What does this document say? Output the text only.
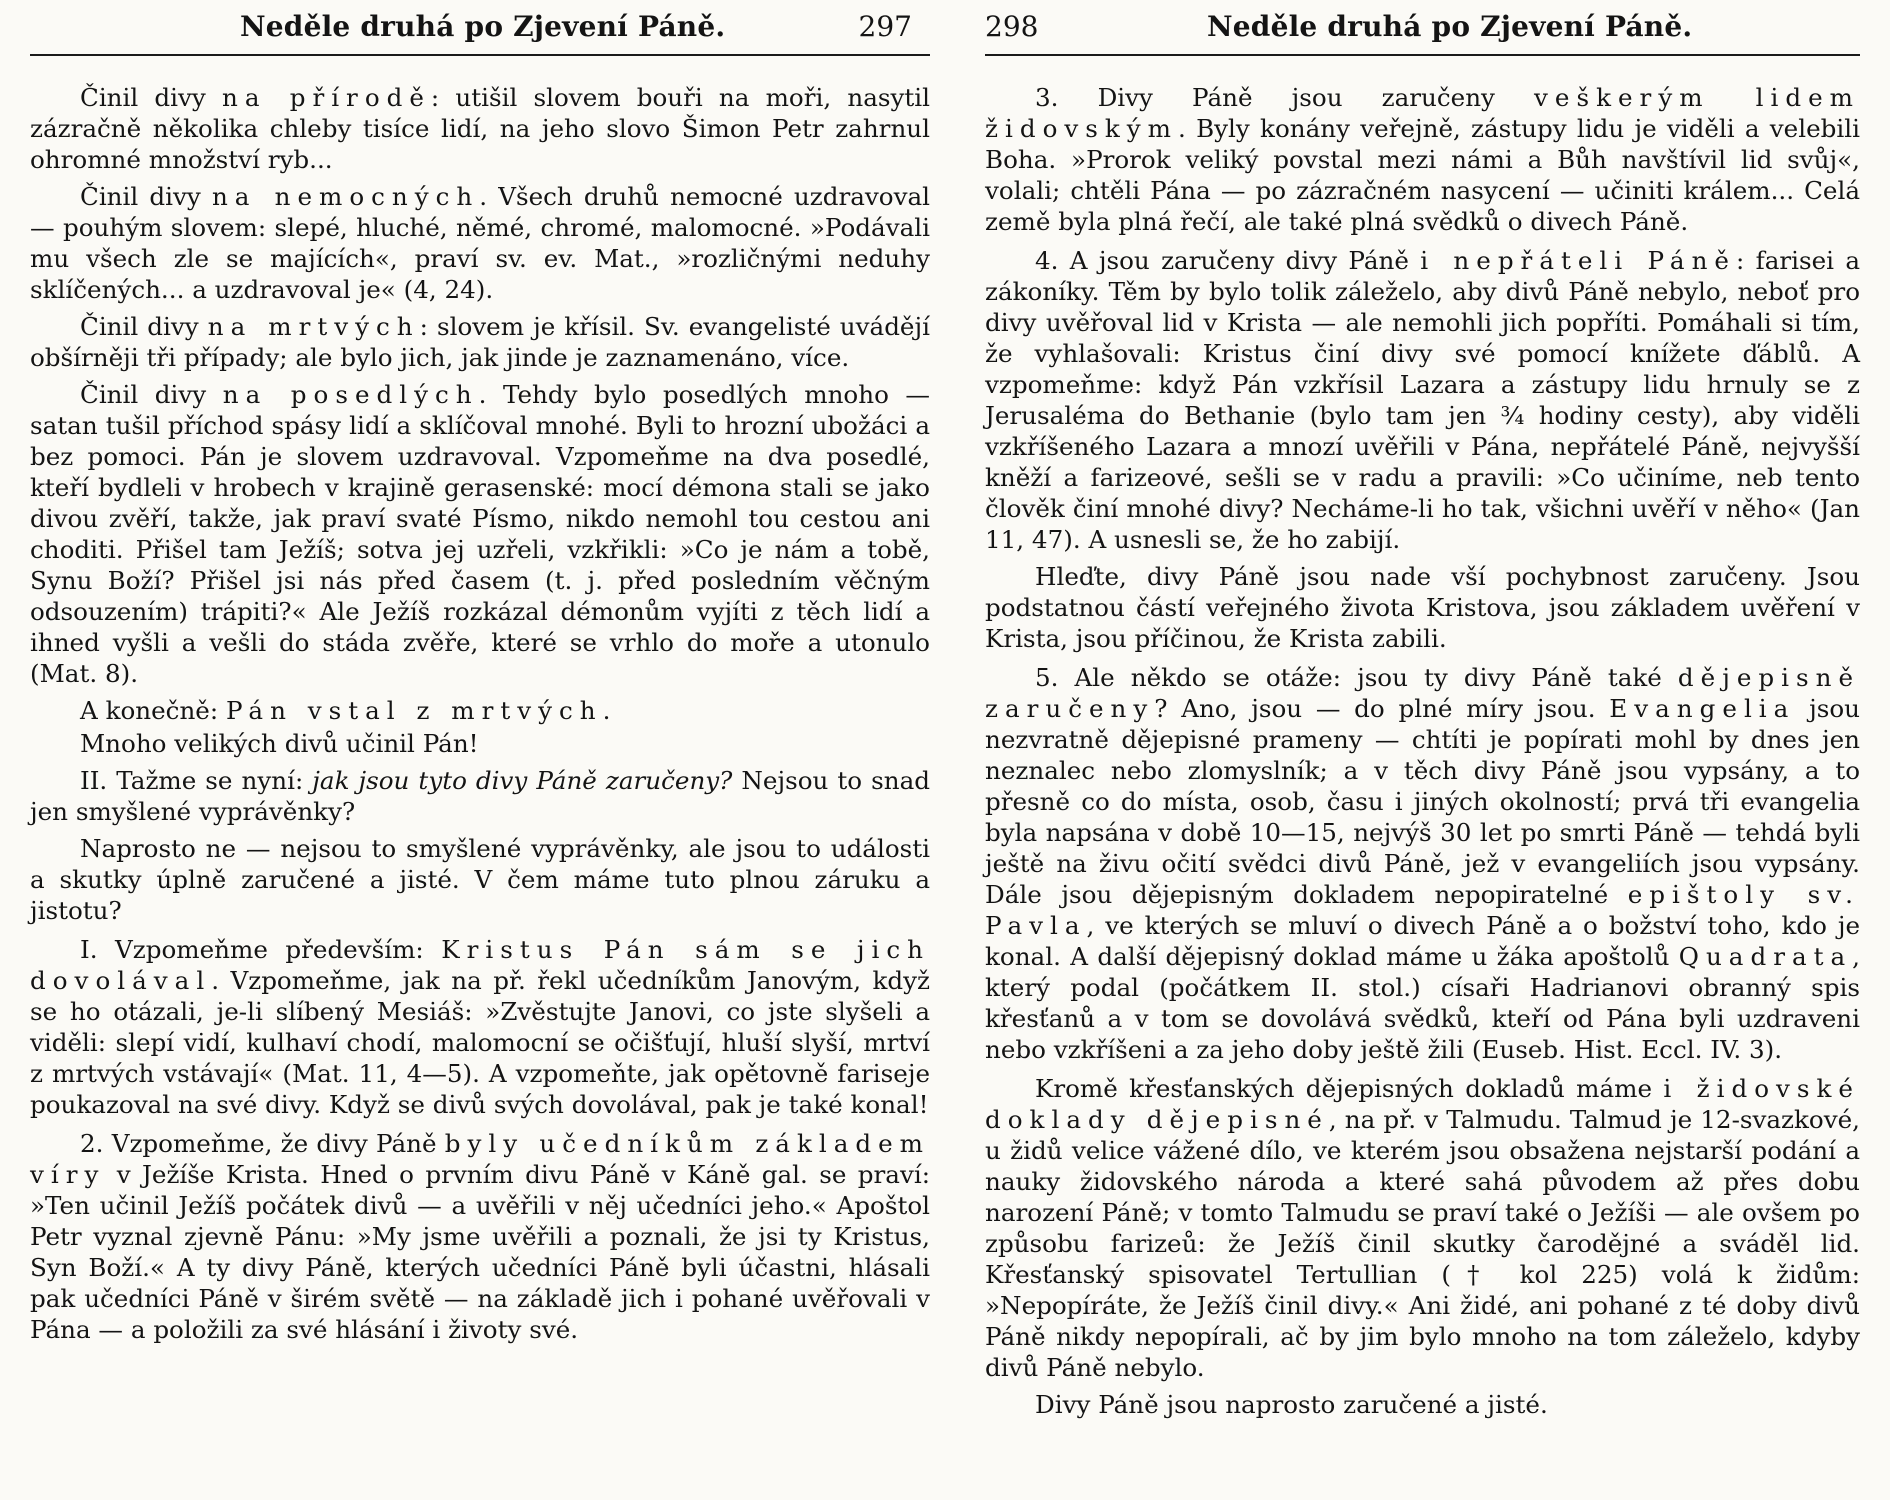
Neděle druhá po Zjevení Páně.	297

Činil divy na přírodě: utišil slovem bouři na moři, nasytil zázračně několika chleby tisíce lidí, na jeho slovo Šimon Petr zahrnul ohromné množství ryb...

Činil divy na nemocných. Všech druhů nemocné uzdravoval — pouhým slovem: slepé, hluché, němé, chromé, malomocné. »Podávali mu všech zle se majících«, praví sv. ev. Mat., »rozličnými neduhy sklíčených... a uzdravoval je« (4, 24).

Činil divy na mrtvých: slovem je křísil. Sv. evangelisté uvádějí obšírněji tři případy; ale bylo jich, jak jinde je zaznamenáno, více.

Činil divy na posedlých. Tehdy bylo posedlých mnoho — satan tušil příchod spásy lidí a sklíčoval mnohé. Byli to hrozní ubožáci a bez pomoci. Pán je slovem uzdravoval. Vzpomeňme na dva posedlé, kteří bydleli v hrobech v krajině gerasenské: mocí démona stali se jako divou zvěří, takže, jak praví svaté Písmo, nikdo nemohl tou cestou ani choditi. Přišel tam Ježíš; sotva jej uzřeli, vzkřikli: »Co je nám a tobě, Synu Boží? Přišel jsi nás před časem (t. j. před posledním věčným odsouzením) trápiti?« Ale Ježíš rozkázal démonům vyjíti z těch lidí a ihned vyšli a vešli do stáda zvěře, které se vrhlo do moře a utonulo (Mat. 8).

A konečně: Pán vstal z mrtvých.

Mnoho velikých divů učinil Pán!

II. Tažme se nyní: jak jsou tyto divy Páně zaručeny? Nejsou to snad jen smyšlené vyprávěnky?

Naprosto ne — nejsou to smyšlené vyprávěnky, ale jsou to události a skutky úplně zaručené a jisté. V čem máme tuto plnou záruku a jistotu?

I. Vzpomeňme především: Kristus Pán sám se jich dovolával. Vzpomeňme, jak na př. řekl učedníkům Janovým, když se ho otázali, je-li slíbený Mesiáš: »Zvěstujte Janovi, co jste slyšeli a viděli: slepí vidí, kulhaví chodí, malomocní se očišťují, hluší slyší, mrtví z mrtvých vstávají« (Mat. 11, 4—5). A vzpomeňte, jak opětovně fariseje poukazoval na své divy. Když se divů svých dovolával, pak je také konal!

2. Vzpomeňme, že divy Páně byly učedníkům základem víry v Ježíše Krista. Hned o prvním divu Páně v Káně gal. se praví: »Ten učinil Ježíš počátek divů — a uvěřili v něj učedníci jeho.« Apoštol Petr vyznal zjevně Pánu: »My jsme uvěřili a poznali, že jsi ty Kristus, Syn Boží.« A ty divy Páně, kterých učedníci Páně byli účastni, hlásali pak učedníci Páně v širém světě — na základě jich i pohané uvěřovali v Pána — a položili za své hlásání i životy své.

298	Neděle druhá po Zjevení Páně.

3. Divy Páně jsou zaručeny veškerým lidem židovským. Byly konány veřejně, zástupy lidu je viděli a velebili Boha. »Prorok veliký povstal mezi námi a Bůh navštívil lid svůj«, volali; chtěli Pána — po zázračném nasycení — učiniti králem... Celá země byla plná řečí, ale také plná svědků o divech Páně.

4. A jsou zaručeny divy Páně i nepřáteli Páně: farisei a zákoníky. Těm by bylo tolik záleželo, aby divů Páně nebylo, neboť pro divy uvěřoval lid v Krista — ale nemohli jich popříti. Pomáhali si tím, že vyhlašovali: Kristus činí divy své pomocí knížete ďáblů. A vzpomeňme: když Pán vzkřísil Lazara a zástupy lidu hrnuly se z Jerusaléma do Bethanie (bylo tam jen ¾ hodiny cesty), aby viděli vzkříšeného Lazara a mnozí uvěřili v Pána, nepřátelé Páně, nejvyšší kněží a farizeové, sešli se v radu a pravili: »Co učiníme, neb tento člověk činí mnohé divy? Necháme-li ho tak, všichni uvěří v něho« (Jan 11, 47). A usnesli se, že ho zabijí.

Hleďte, divy Páně jsou nade vší pochybnost zaručeny. Jsou podstatnou částí veřejného života Kristova, jsou základem uvěření v Krista, jsou příčinou, že Krista zabili.

5. Ale někdo se otáže: jsou ty divy Páně také dějepisně zaručeny? Ano, jsou — do plné míry jsou. Evangelia jsou nezvratně dějepisné prameny — chtíti je popírati mohl by dnes jen neznalec nebo zlomyslník; a v těch divy Páně jsou vypsány, a to přesně co do místa, osob, času i jiných okolností; prvá tři evangelia byla napsána v době 10—15, nejvýš 30 let po smrti Páně — tehdá byli ještě na živu očití svědci divů Páně, jež v evangeliích jsou vypsány. Dále jsou dějepisným dokladem nepopiratelné epištoly sv. Pavla, ve kterých se mluví o divech Páně a o božství toho, kdo je konal. A další dějepisný doklad máme u žáka apoštolů Quadrata, který podal (počátkem II. stol.) císaři Hadrianovi obranný spis křesťanů a v tom se dovolává svědků, kteří od Pána byli uzdraveni nebo vzkříšeni a za jeho doby ještě žili (Euseb. Hist. Eccl. IV. 3).

Kromě křesťanských dějepisných dokladů máme i židovské doklady dějepisné, na př. v Talmudu. Talmud je 12-svazkové, u židů velice vážené dílo, ve kterém jsou obsažena nejstarší podání a nauky židovského národa a které sahá původem až přes dobu narození Páně; v tomto Talmudu se praví také o Ježíši — ale ovšem po způsobu farizeů: že Ježíš činil skutky čarodějné a sváděl lid. Křesťanský spisovatel Tertullian († kol 225) volá k židům: »Nepopíráte, že Ježíš činil divy.« Ani židé, ani pohané z té doby divů Páně nikdy nepopírali, ač by jim bylo mnoho na tom záleželo, kdyby divů Páně nebylo.

Divy Páně jsou naprosto zaručené a jisté.
